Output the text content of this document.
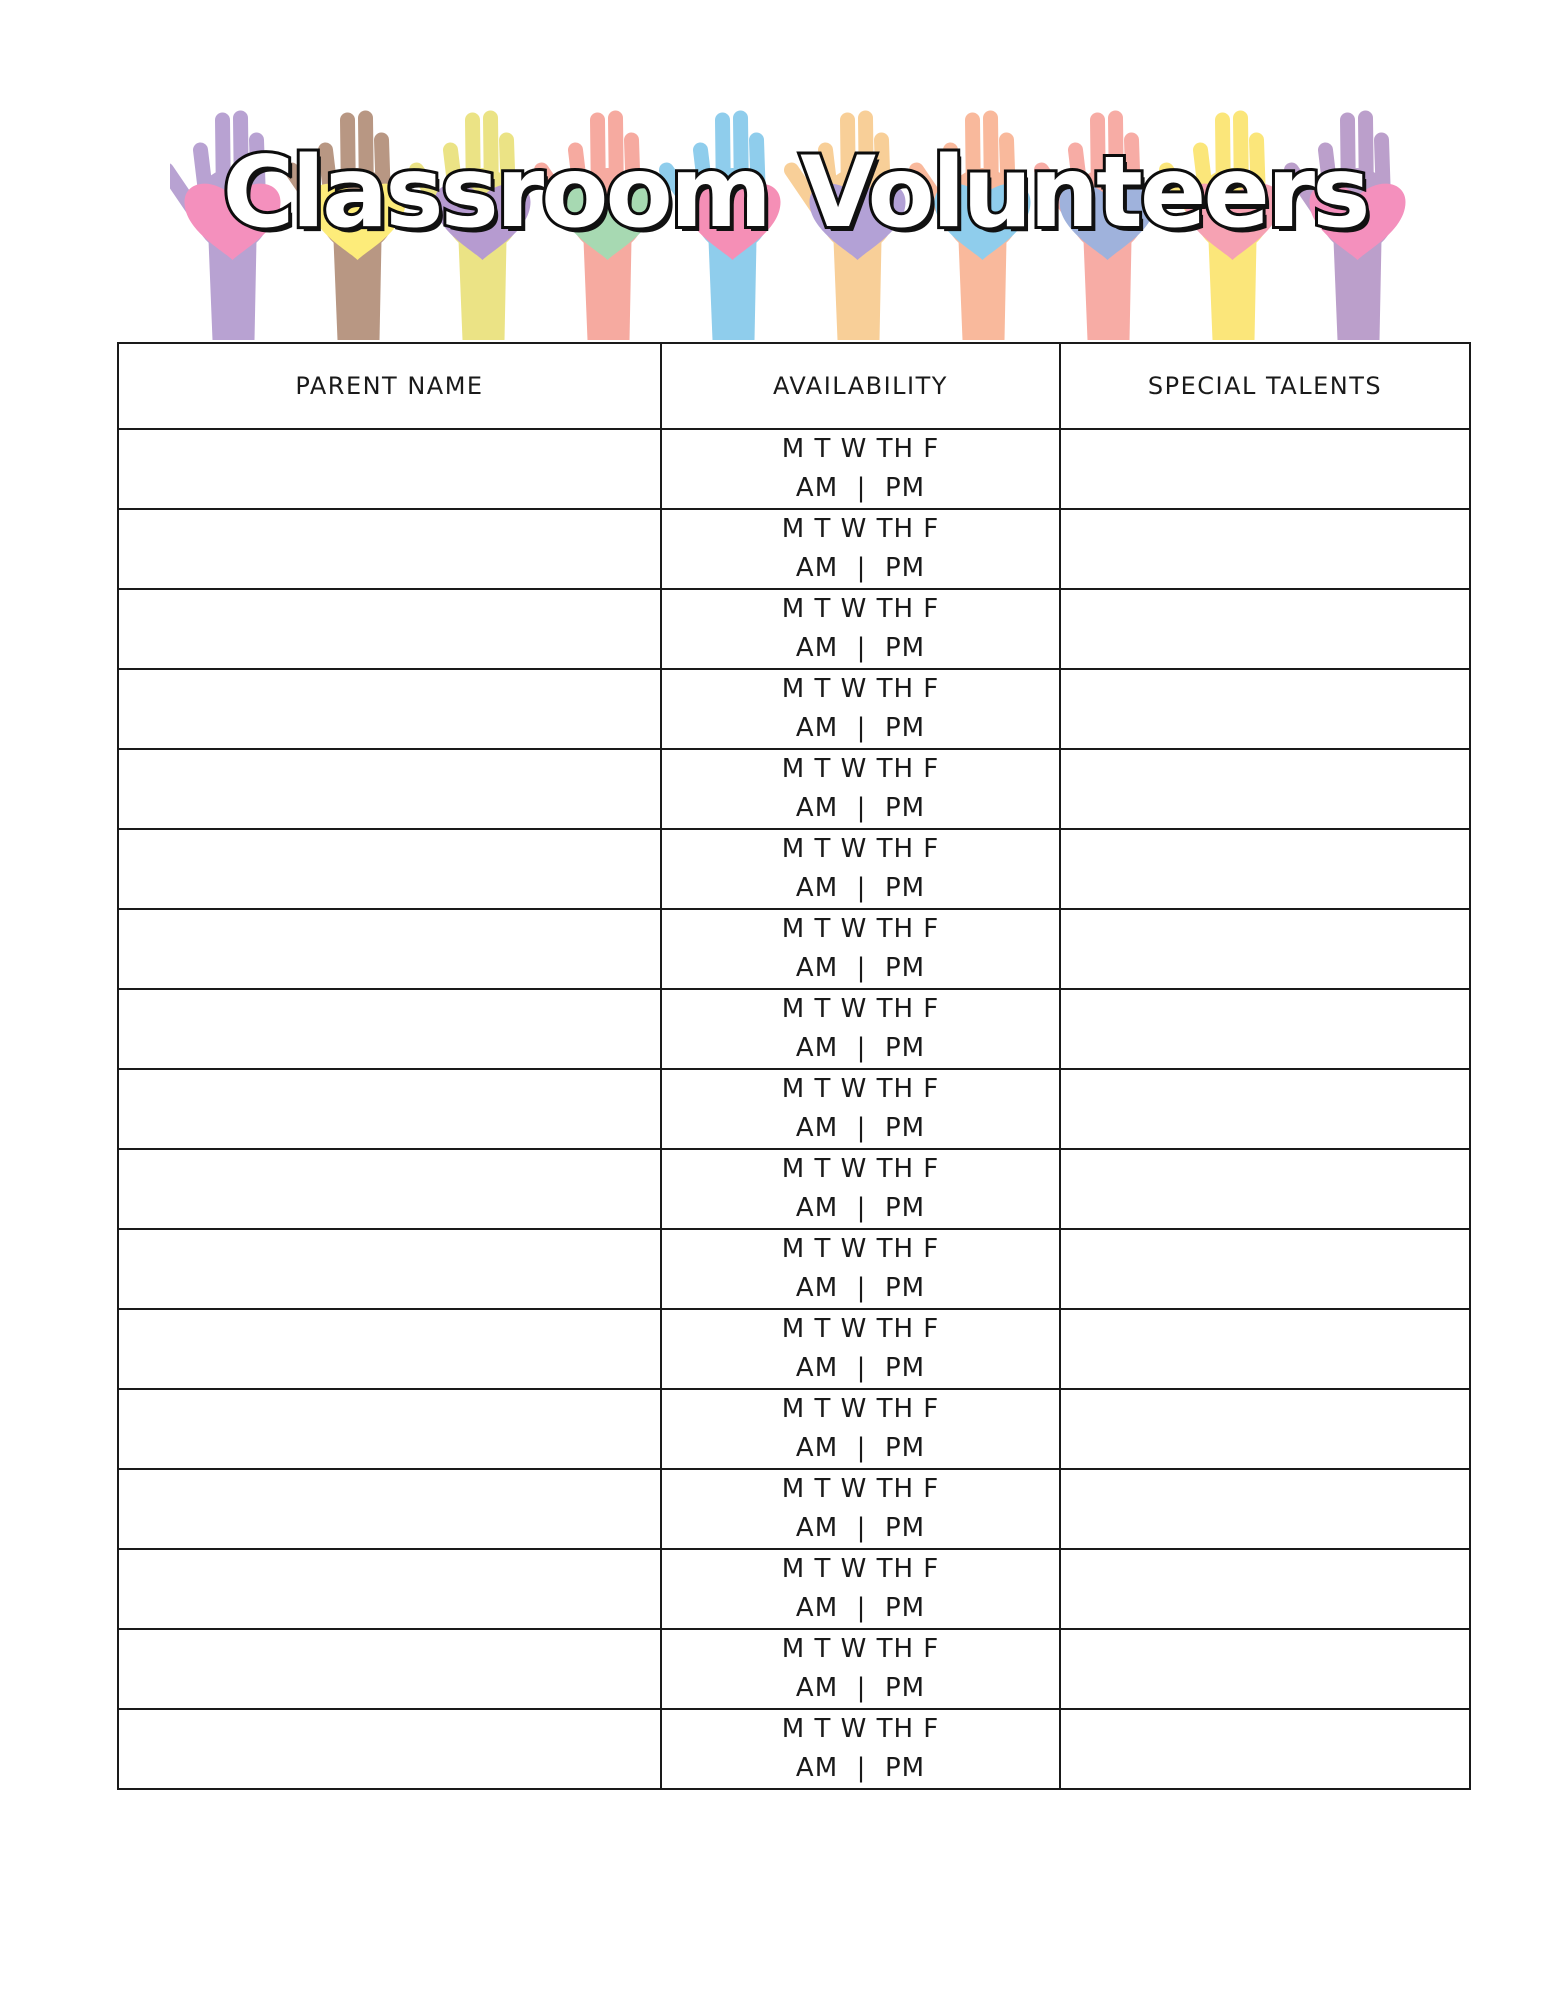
Classroom Volunteers
PARENT NAME	AVAILABILITY	SPECIAL TALENTS

	M T W TH F
AM  |  PM	

	M T W TH F
AM  |  PM	

	M T W TH F
AM  |  PM	

	M T W TH F
AM  |  PM	

	M T W TH F
AM  |  PM	

	M T W TH F
AM  |  PM	

	M T W TH F
AM  |  PM	

	M T W TH F
AM  |  PM	

	M T W TH F
AM  |  PM	

	M T W TH F
AM  |  PM	

	M T W TH F
AM  |  PM	

	M T W TH F
AM  |  PM	

	M T W TH F
AM  |  PM	

	M T W TH F
AM  |  PM	

	M T W TH F
AM  |  PM	

	M T W TH F
AM  |  PM	

	M T W TH F
AM  |  PM	
